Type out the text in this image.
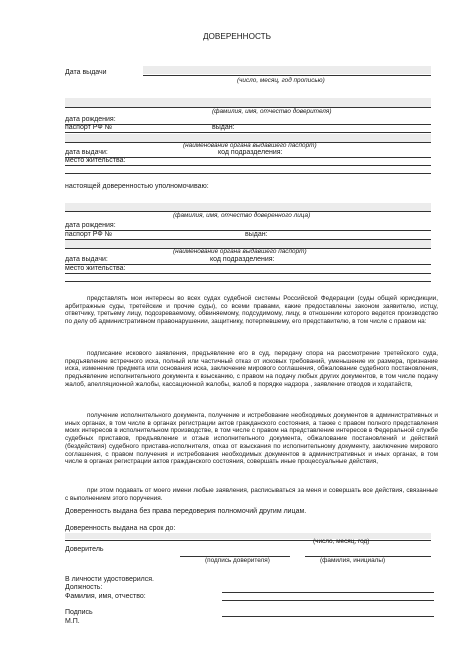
ДОВЕРЕННОСТЬ
Дата выдачи
(число, месяц, год прописью)
(фамилия, имя, отчество доверителя)
дата рождения:
паспорт РФ №	выдан:
(наименование органа выдавшего паспорт)
дата выдачи:	код подразделения:
место жительства:
настоящей доверенностью уполномочиваю:
(фамилия, имя, отчество доверенного лица)
дата рождения:
паспорт РФ №	выдан:
(наименование органа выдавшего паспорт)
дата выдачи:	код подразделения:
место жительства:
представлять мои интересы во всех судах судебной системы Российской Федерации (суды общей юрисдикции, арбитражные суды, третейские и прочие суды), со всеми правами, какие предоставлены законом заявителю, истцу, ответчику, третьему лицу, подозреваемому, обвиняемому, подсудимому, лицу, в отношении которого ведется производство по делу об административном правонарушении, защитнику, потерпевшему, его представителю, в том числе с правом на:
подписание искового заявления, предъявление его в суд, передачу спора на рассмотрение третейского суда, предъявление встречного иска, полный или частичный отказ от исковых требований, уменьшение их размера, признание иска, изменение предмета или основания иска, заключение мирового соглашения, обжалование судебного постановления, предъявление исполнительного документа к взысканию, с правом на подачу любых других документов, в том числе подачу жалоб, апелляционной жалобы, кассационной жалобы, жалоб в порядке надзора , заявление отводов и ходатайств,
получение исполнительного документа, получение и истребование необходимых документов в административных и иных органах, в том числе в органах регистрации актов гражданского состояния, а также с правом полного представления моих интересов в исполнительном производстве, в том числе с правом на представление интересов в Федеральной службе судебных приставов, предъявление и отзыв исполнительного документа, обжалование постановлений и действий (бездействия) судебного пристава-исполнителя, отказ от взыскания по исполнительному документу, заключение мирового соглашения, с правом получения и истребования необходимых документов в административных и иных органах, в том числе в органах регистрации актов гражданского состояния, совершать иные процессуальные действия,
при этом подавать от моего имени любые заявления, расписываться за меня и совершать все действия, связанные с выполнением этого поручения.
Доверенность выдана без права передоверия полномочий другим лицам.
Доверенность выдана на срок до:
(число, месяц, год)
Доверитель
(подпись доверителя)	(фамилия, инициалы)
В личности удостоверился.
Должность:
Фамилия, имя, отчество:
Подпись
М.П.
